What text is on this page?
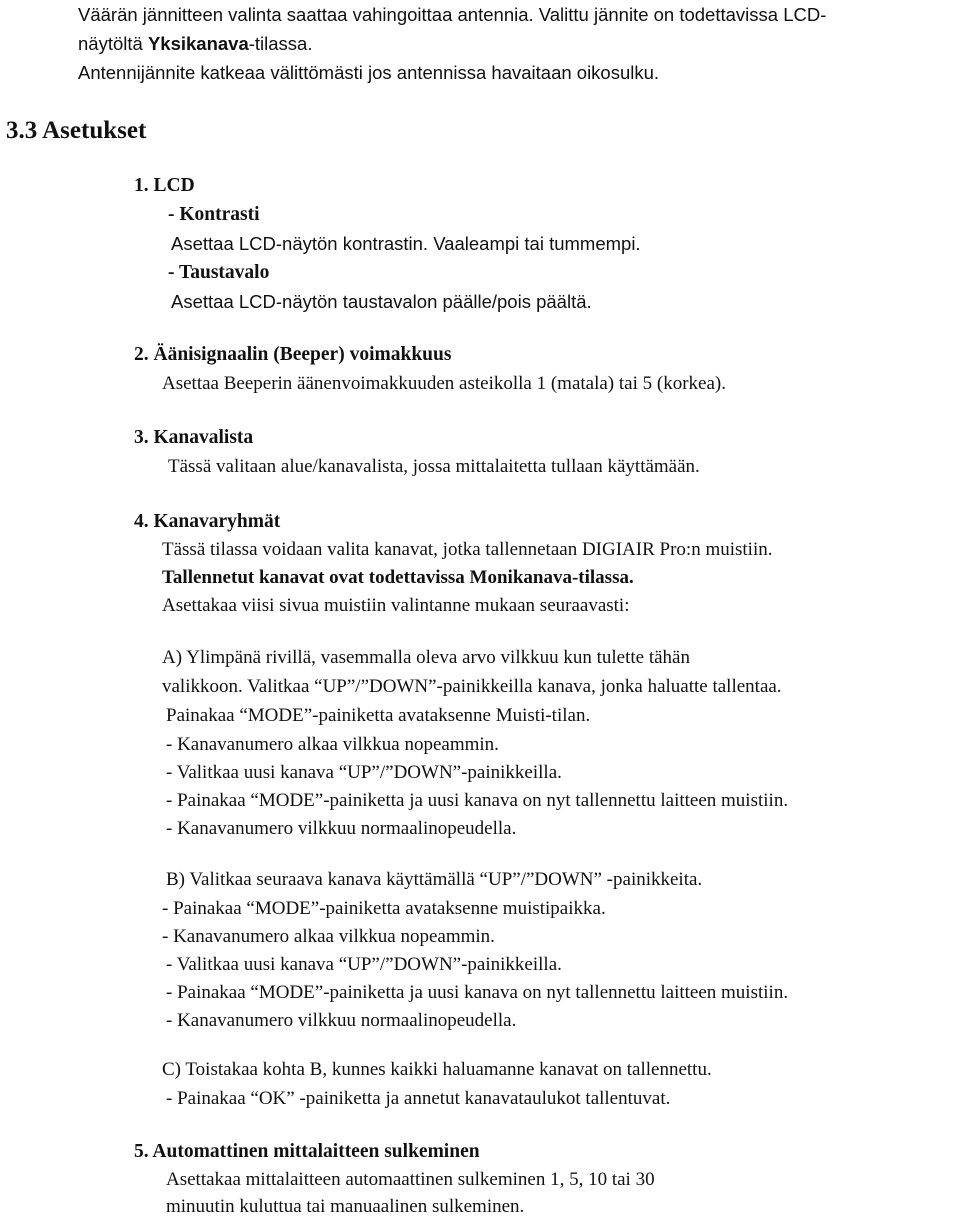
Väärän jännitteen valinta saattaa vahingoittaa antennia. Valittu jännite on todettavissa LCD-
näytöltä Yksikanava-tilassa.
Antennijännite katkeaa välittömästi jos antennissa havaitaan oikosulku.
3.3 Asetukset
1. LCD
- Kontrasti
Asettaa LCD-näytön kontrastin. Vaaleampi tai tummempi.
- Taustavalo
Asettaa LCD-näytön taustavalon päälle/pois päältä.
2. Äänisignaalin (Beeper) voimakkuus
Asettaa Beeperin äänenvoimakkuuden asteikolla 1 (matala) tai 5 (korkea).
3. Kanavalista
Tässä valitaan alue/kanavalista, jossa mittalaitetta tullaan käyttämään.
4. Kanavaryhmät
Tässä tilassa voidaan valita kanavat, jotka tallennetaan DIGIAIR Pro:n muistiin.
Tallennetut kanavat ovat todettavissa Monikanava-tilassa.
Asettakaa viisi sivua muistiin valintanne mukaan seuraavasti:
A) Ylimpänä rivillä, vasemmalla oleva arvo vilkkuu kun tulette tähän
valikkoon. Valitkaa “UP”/”DOWN”-painikkeilla kanava, jonka haluatte tallentaa.
Painakaa “MODE”-painiketta avataksenne Muisti-tilan.
- Kanavanumero alkaa vilkkua nopeammin.
- Valitkaa uusi kanava “UP”/”DOWN”-painikkeilla.
- Painakaa “MODE”-painiketta ja uusi kanava on nyt tallennettu laitteen muistiin.
- Kanavanumero vilkkuu normaalinopeudella.
B) Valitkaa seuraava kanava käyttämällä “UP”/”DOWN” -painikkeita.
- Painakaa “MODE”-painiketta avataksenne muistipaikka.
- Kanavanumero alkaa vilkkua nopeammin.
- Valitkaa uusi kanava “UP”/”DOWN”-painikkeilla.
- Painakaa “MODE”-painiketta ja uusi kanava on nyt tallennettu laitteen muistiin.
- Kanavanumero vilkkuu normaalinopeudella.
C) Toistakaa kohta B, kunnes kaikki haluamanne kanavat on tallennettu.
- Painakaa “OK” -painiketta ja annetut kanavataulukot tallentuvat.
5. Automattinen mittalaitteen sulkeminen
Asettakaa mittalaitteen automaattinen sulkeminen 1, 5, 10 tai 30
minuutin kuluttua tai manuaalinen sulkeminen.
